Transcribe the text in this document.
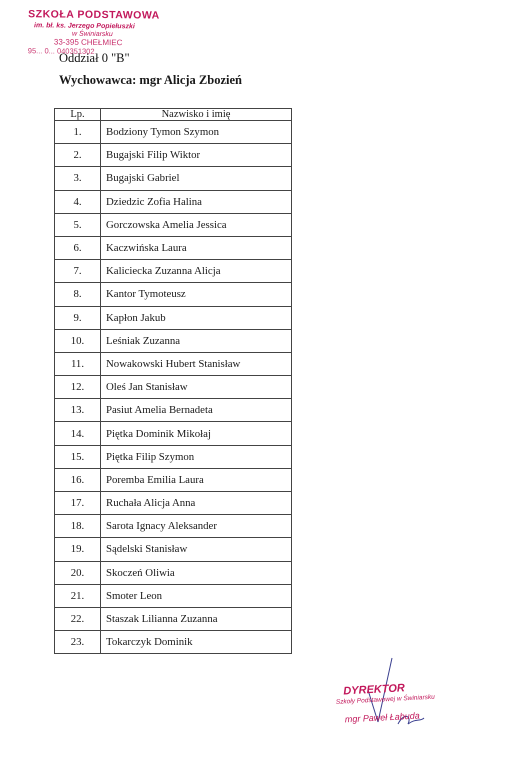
SZKOŁA PODSTAWOWA
im. bł. ks. Jerzego Popiełuszki
w Świniarsku
33-395 CHEŁMIEC
95... 0... 040351302
Oddział 0 "B"
Wychowawca: mgr Alicja Zbozień
Lp.	Nazwisko i imię
1.	Bodziony Tymon Szymon
2.	Bugajski Filip Wiktor
3.	Bugajski Gabriel
4.	Dziedzic Zofia Halina
5.	Gorczowska Amelia Jessica
6.	Kaczwińska Laura
7.	Kaliciecka Zuzanna Alicja
8.	Kantor Tymoteusz
9.	Kapłon Jakub
10.	Leśniak Zuzanna
11.	Nowakowski Hubert Stanisław
12.	Oleś Jan Stanisław
13.	Pasiut Amelia Bernadeta
14.	Piętka Dominik Mikołaj
15.	Piętka Filip Szymon
16.	Poremba Emilia Laura
17.	Ruchała Alicja Anna
18.	Sarota Ignacy Aleksander
19.	Sądelski Stanisław
20.	Skoczeń Oliwia
21.	Smoter Leon
22.	Staszak Lilianna Zuzanna
23.	Tokarczyk Dominik
DYREKTOR
Szkoły Podstawowej w Świniarsku
mgr Paweł Łabuda
